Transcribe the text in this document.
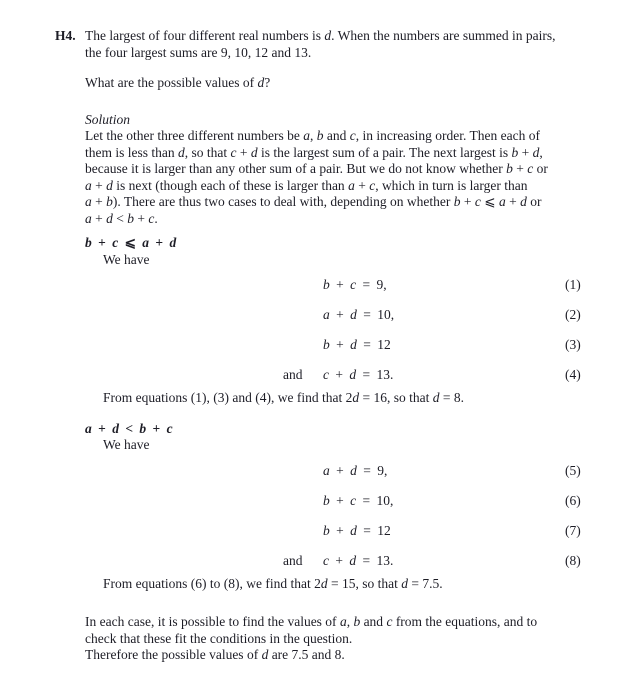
H4. The largest of four different real numbers is d. When the numbers are summed in pairs,
the four largest sums are 9, 10, 12 and 13.
What are the possible values of d?
Solution
Let the other three different numbers be a, b and c, in increasing order. Then each of
them is less than d, so that c + d is the largest sum of a pair. The next largest is b + d,
because it is larger than any other sum of a pair. But we do not know whether b + c or
a + d is next (though each of these is larger than a + c, which in turn is larger than
a + b). There are thus two cases to deal with, depending on whether b + c ⩽ a + d or
a + d < b + c.
b + c ⩽ a + d
We have
b + c = 9,	(1)
a + d = 10,	(2)
b + d = 12	(3)
and c + d = 13.	(4)
From equations (1), (3) and (4), we find that 2d = 16, so that d = 8.
a + d < b + c
We have
a + d = 9,	(5)
b + c = 10,	(6)
b + d = 12	(7)
and c + d = 13.	(8)
From equations (6) to (8), we find that 2d = 15, so that d = 7.5.
In each case, it is possible to find the values of a, b and c from the equations, and to
check that these fit the conditions in the question.
Therefore the possible values of d are 7.5 and 8.
